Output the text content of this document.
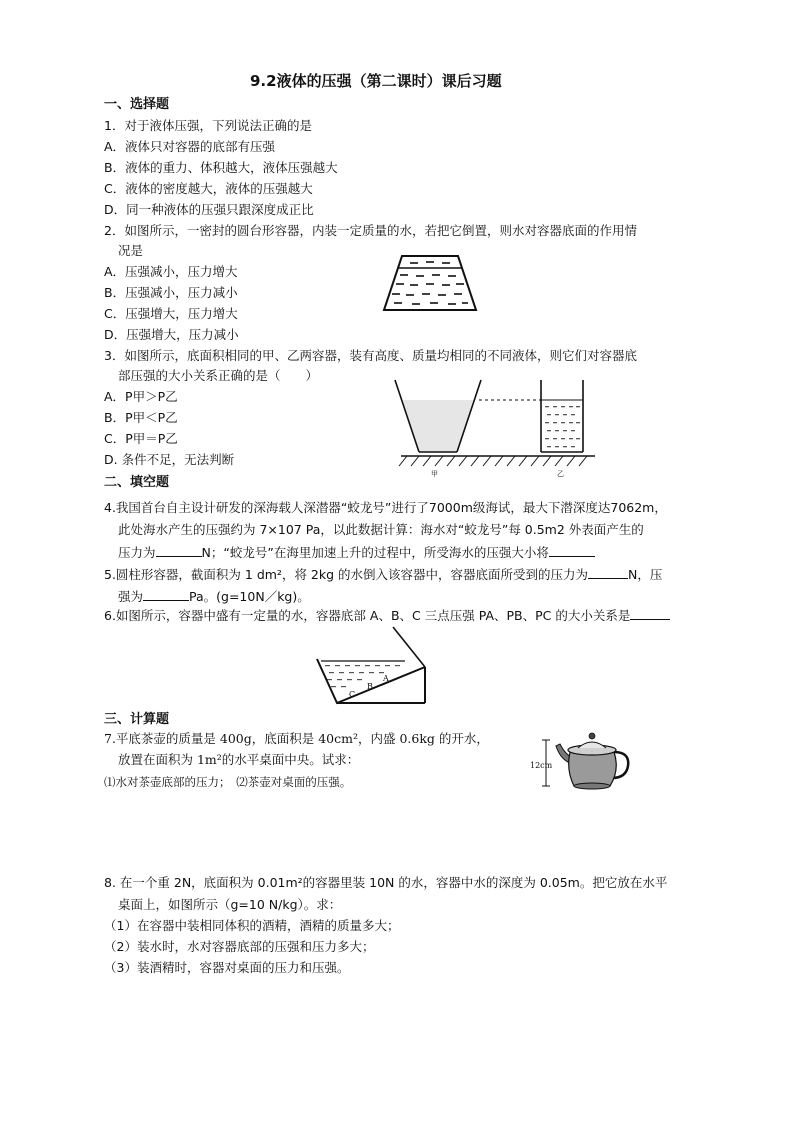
9.2液体的压强（第二课时）课后习题
一、选择题
1．对于液体压强，下列说法正确的是
A．液体只对容器的底部有压强
B．液体的重力、体积越大，液体压强越大
C．液体的密度越大，液体的压强越大
D．同一种液体的压强只跟深度成正比
2．如图所示，一密封的圆台形容器，内装一定质量的水，若把它倒置，则水对容器底面的作用情
况是
A．压强减小，压力增大
B．压强减小，压力减小
C．压强增大，压力增大
D．压强增大，压力减小
3．如图所示，底面积相同的甲、乙两容器，装有高度、质量均相同的不同液体，则它们对容器底
部压强的大小关系正确的是（　　）
A．P甲＞P乙
B．P甲＜P乙
C．P甲＝P乙
D. 条件不足，无法判断
甲	乙
二、填空题
4.我国首台自主设计研发的深海载人深潜器“蛟龙号”进行了7000m级海试，最大下潜深度达7062m，
此处海水产生的压强约为 7×107 Pa，以此数据计算：海水对“蛟龙号”每 0.5m2 外表面产生的
压力为	N；“蛟龙号”在海里加速上升的过程中，所受海水的压强大小将
5.圆柱形容器，截面积为 1 dm²，将 2kg 的水倒入该容器中，容器底面所受到的压力为	N，压
强为	Pa。(g=10N／kg)。
6.如图所示，容器中盛有一定量的水，容器底部 A、B、C 三点压强 PA、PB、PC 的大小关系是
A
B
C
三、计算题
7.平底茶壶的质量是 400g，底面积是 40cm²，内盛 0.6kg 的开水，
放置在面积为 1m²的水平桌面中央。试求：
⑴水对茶壶底部的压力；　⑵茶壶对桌面的压强。
12cm
8. 在一个重 2N，底面积为 0.01m²的容器里装 10N 的水，容器中水的深度为 0.05m。把它放在水平
桌面上，如图所示（g=10 N/kg）。求：
（1）在容器中装相同体积的酒精，酒精的质量多大；
（2）装水时，水对容器底部的压强和压力多大；
（3）装酒精时，容器对桌面的压力和压强。
